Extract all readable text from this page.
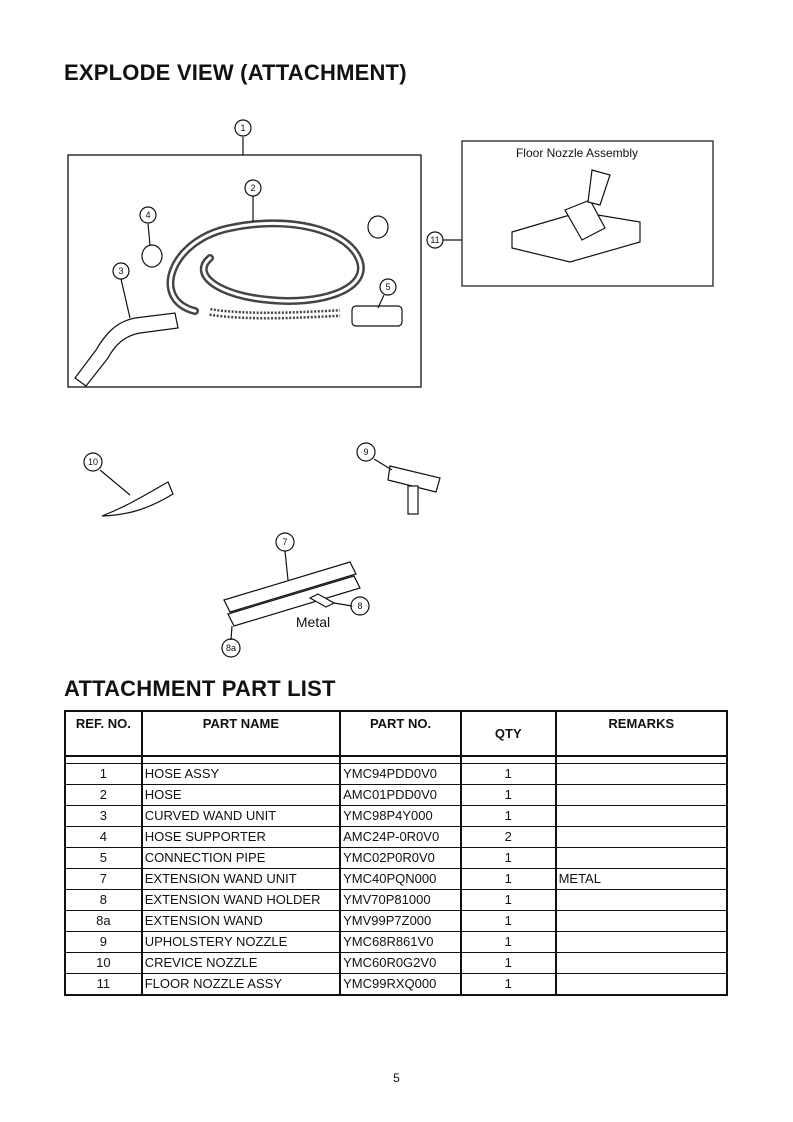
EXPLODE VIEW (ATTACHMENT)
1
2
3
4
5
7
8
8a
9
10
11
Floor Nozzle Assembly
Metal
ATTACHMENT PART LIST
REF. NO.	PART NAME	PART NO.	QTY	REMARKS

1	HOSE ASSY	YMC94PDD0V0	1	
2	HOSE	AMC01PDD0V0	1	
3	CURVED WAND UNIT	YMC98P4Y000	1	
4	HOSE SUPPORTER	AMC24P-0R0V0	2	
5	CONNECTION PIPE	YMC02P0R0V0	1	
7	EXTENSION WAND UNIT	YMC40PQN000	1	METAL
8	EXTENSION WAND HOLDER	YMV70P81000	1	
8a	EXTENSION WAND	YMV99P7Z000	1	
9	UPHOLSTERY NOZZLE	YMC68R861V0	1	
10	CREVICE NOZZLE	YMC60R0G2V0	1	
11	FLOOR NOZZLE ASSY	YMC99RXQ000	1	
5
